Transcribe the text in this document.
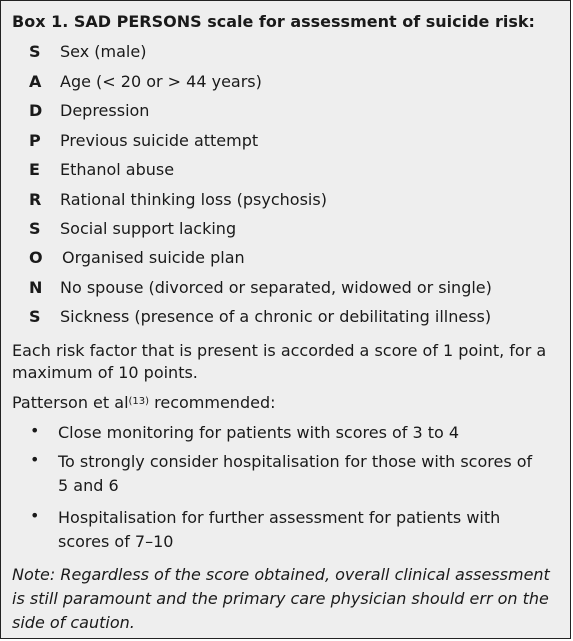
Box 1. SAD PERSONS scale for assessment of suicide risk:
S	Sex (male)
A	Age (< 20 or > 44 years)
D	Depression
P	Previous suicide attempt
E	Ethanol abuse
R	Rational thinking loss (psychosis)
S	Social support lacking
O	Organised suicide plan
N	No spouse (divorced or separated, widowed or single)
S	Sickness (presence of a chronic or debilitating illness)
Each risk factor that is present is accorded a score of 1 point, for a maximum of 10 points.
Patterson et $al^{(13)}$ recommended:
• Close monitoring for patients with scores of 3 to 4
• To strongly consider hospitalisation for those with scores of 5 and 6
• Hospitalisation for further assessment for patients with scores of 7–10
Note: Regardless of the score obtained, overall clinical assessment is still paramount and the primary care physician should err on the side of caution.
